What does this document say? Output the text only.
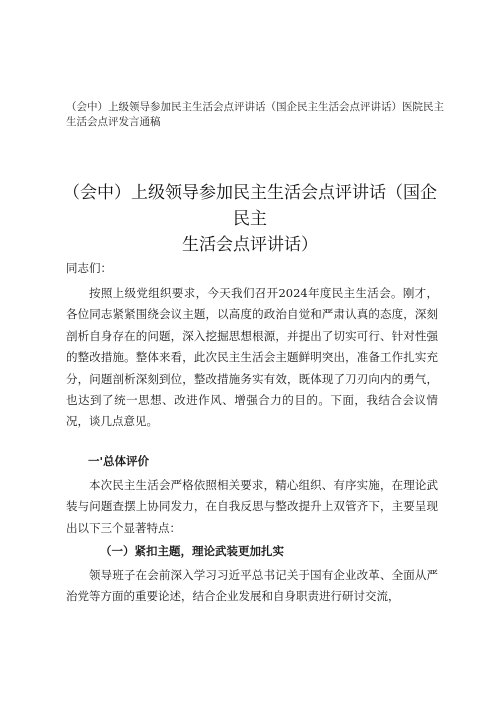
（会中）上级领导参加民主生活会点评讲话（国企民主生活会点评讲话）医院民主生活会点评发言通稿
（会中）上级领导参加民主生活会点评讲话（国企民主
生活会点评讲话）
同志们：
按照上级党组织要求，今天我们召开2024年度民主生活会。刚才，各位同志紧紧围绕会议主题，以高度的政治自觉和严肃认真的态度，深刻剖析自身存在的问题，深入挖掘思想根源，并提出了切实可行、针对性强的整改措施。整体来看，此次民主生活会主题鲜明突出，准备工作扎实充分，问题剖析深刻到位，整改措施务实有效，既体现了刀刃向内的勇气，也达到了统一思想、改进作风、增强合力的目的。下面，我结合会议情况，谈几点意见。
一'总体评价
本次民主生活会严格依照相关要求，精心组织、有序实施，在理论武装与问题查摆上协同发力，在自我反思与整改提升上双管齐下，主要呈现出以下三个显著特点：
（一）紧扣主题，理论武装更加扎实
领导班子在会前深入学习习近平总书记关于国有企业改革、全面从严治党等方面的重要论述，结合企业发展和自身职责进行研讨交流，
